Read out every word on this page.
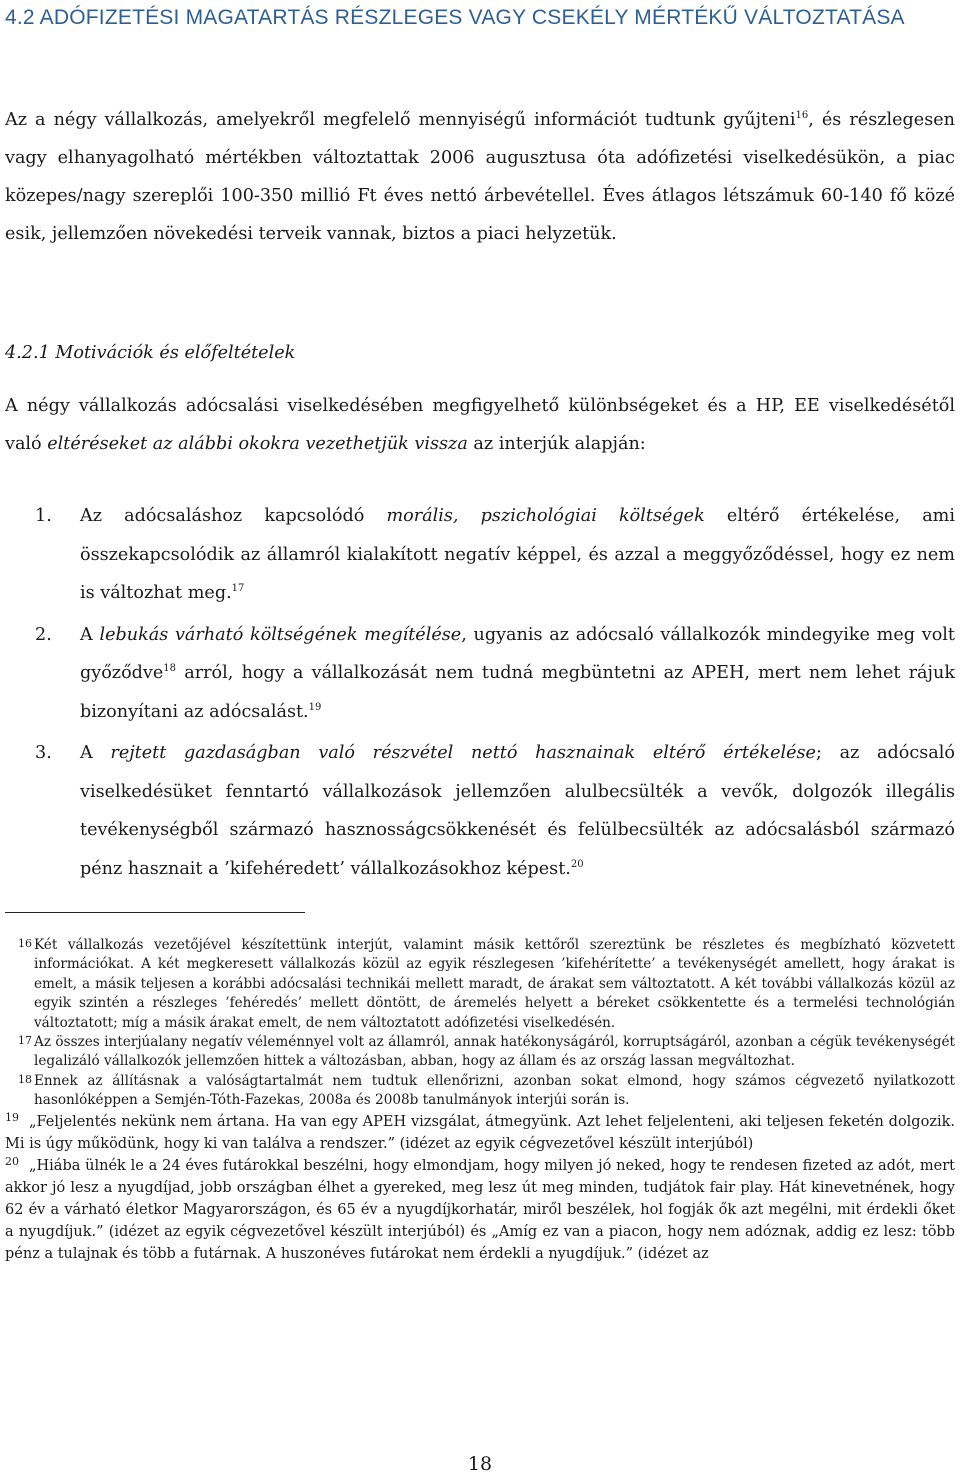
4.2 ADÓFIZETÉSI MAGATARTÁS RÉSZLEGES VAGY CSEKÉLY MÉRTÉKŰ VÁLTOZTATÁSA

Az a négy vállalkozás, amelyekről megfelelő mennyiségű információt tudtunk gyűjteni$^{16}$, és részlegesen vagy elhanyagolható mértékben változtattak 2006 augusztusa óta adófizetési viselkedésükön, a piac közepes/nagy szereplői 100-350 millió Ft éves nettó árbevétellel. Éves átlagos létszámuk 60-140 fő közé esik, jellemzően növekedési terveik vannak, biztos a piaci helyzetük.

4.2.1 Motivációk és előfeltételek

A négy vállalkozás adócsalási viselkedésében megfigyelhető különbségeket és a HP, EE viselkedésétől való eltéréseket az alábbi okokra vezethetjük vissza az interjúk alapján:

1. Az adócsaláshoz kapcsolódó morális, pszichológiai költségek eltérő értékelése, ami összekapcsolódik az államról kialakított negatív képpel, és azzal a meggyőződéssel, hogy ez nem is változhat meg.$^{17}$
2. A lebukás várható költségének megítélése, ugyanis az adócsaló vállalkozók mindegyike meg volt győződve$^{18}$ arról, hogy a vállalkozását nem tudná megbüntetni az APEH, mert nem lehet rájuk bizonyítani az adócsalást.$^{19}$
3. A rejtett gazdaságban való részvétel nettó hasznainak eltérő értékelése; az adócsaló viselkedésüket fenntartó vállalkozások jellemzően alulbecsülték a vevők, dolgozók illegális tevékenységből származó hasznosságcsökkenését és felülbecsülték az adócsalásból származó pénz hasznait a ’kifehéredett’ vállalkozásokhoz képest.$^{20}$

16 Két vállalkozás vezetőjével készítettünk interjút, valamint másik kettőről szereztünk be részletes és megbízható közvetett információkat. A két megkeresett vállalkozás közül az egyik részlegesen ’kifehérítette’ a tevékenységét amellett, hogy árakat is emelt, a másik teljesen a korábbi adócsalási technikái mellett maradt, de árakat sem változtatott. A két további vállalkozás közül az egyik szintén a részleges ’fehéredés’ mellett döntött, de áremelés helyett a béreket csökkentette és a termelési technológián változtatott; míg a másik árakat emelt, de nem változtatott adófizetési viselkedésén.

17 Az összes interjúalany negatív véleménnyel volt az államról, annak hatékonyságáról, korruptságáról, azonban a cégük tevékenységét legalizáló vállalkozók jellemzően hittek a változásban, abban, hogy az állam és az ország lassan megváltozhat.

18 Ennek az állításnak a valóságtartalmát nem tudtuk ellenőrizni, azonban sokat elmond, hogy számos cégvezető nyilatkozott hasonlóképpen a Semjén-Tóth-Fazekas, 2008a és 2008b tanulmányok interjúi során is.

$^{19}$ „Feljelentés nekünk nem ártana. Ha van egy APEH vizsgálat, átmegyünk. Azt lehet feljelenteni, aki teljesen feketén dolgozik. Mi is úgy működünk, hogy ki van találva a rendszer.” (idézet az egyik cégvezetővel készült interjúból)

$^{20}$ „Hiába ülnék le a 24 éves futárokkal beszélni, hogy elmondjam, hogy milyen jó neked, hogy te rendesen fizeted az adót, mert akkor jó lesz a nyugdíjad, jobb országban élhet a gyereked, meg lesz út meg minden, tudjátok fair play. Hát kinevetnének, hogy 62 év a várható életkor Magyarországon, és 65 év a nyugdíjkorhatár, miről beszélek, hol fogják ők azt megélni, mit érdekli őket a nyugdíjuk.” (idézet az egyik cégvezetővel készült interjúból) és „Amíg ez van a piacon, hogy nem adóznak, addig ez lesz: több pénz a tulajnak és több a futárnak. A huszonéves futárokat nem érdekli a nyugdíjuk.” (idézet az

18
